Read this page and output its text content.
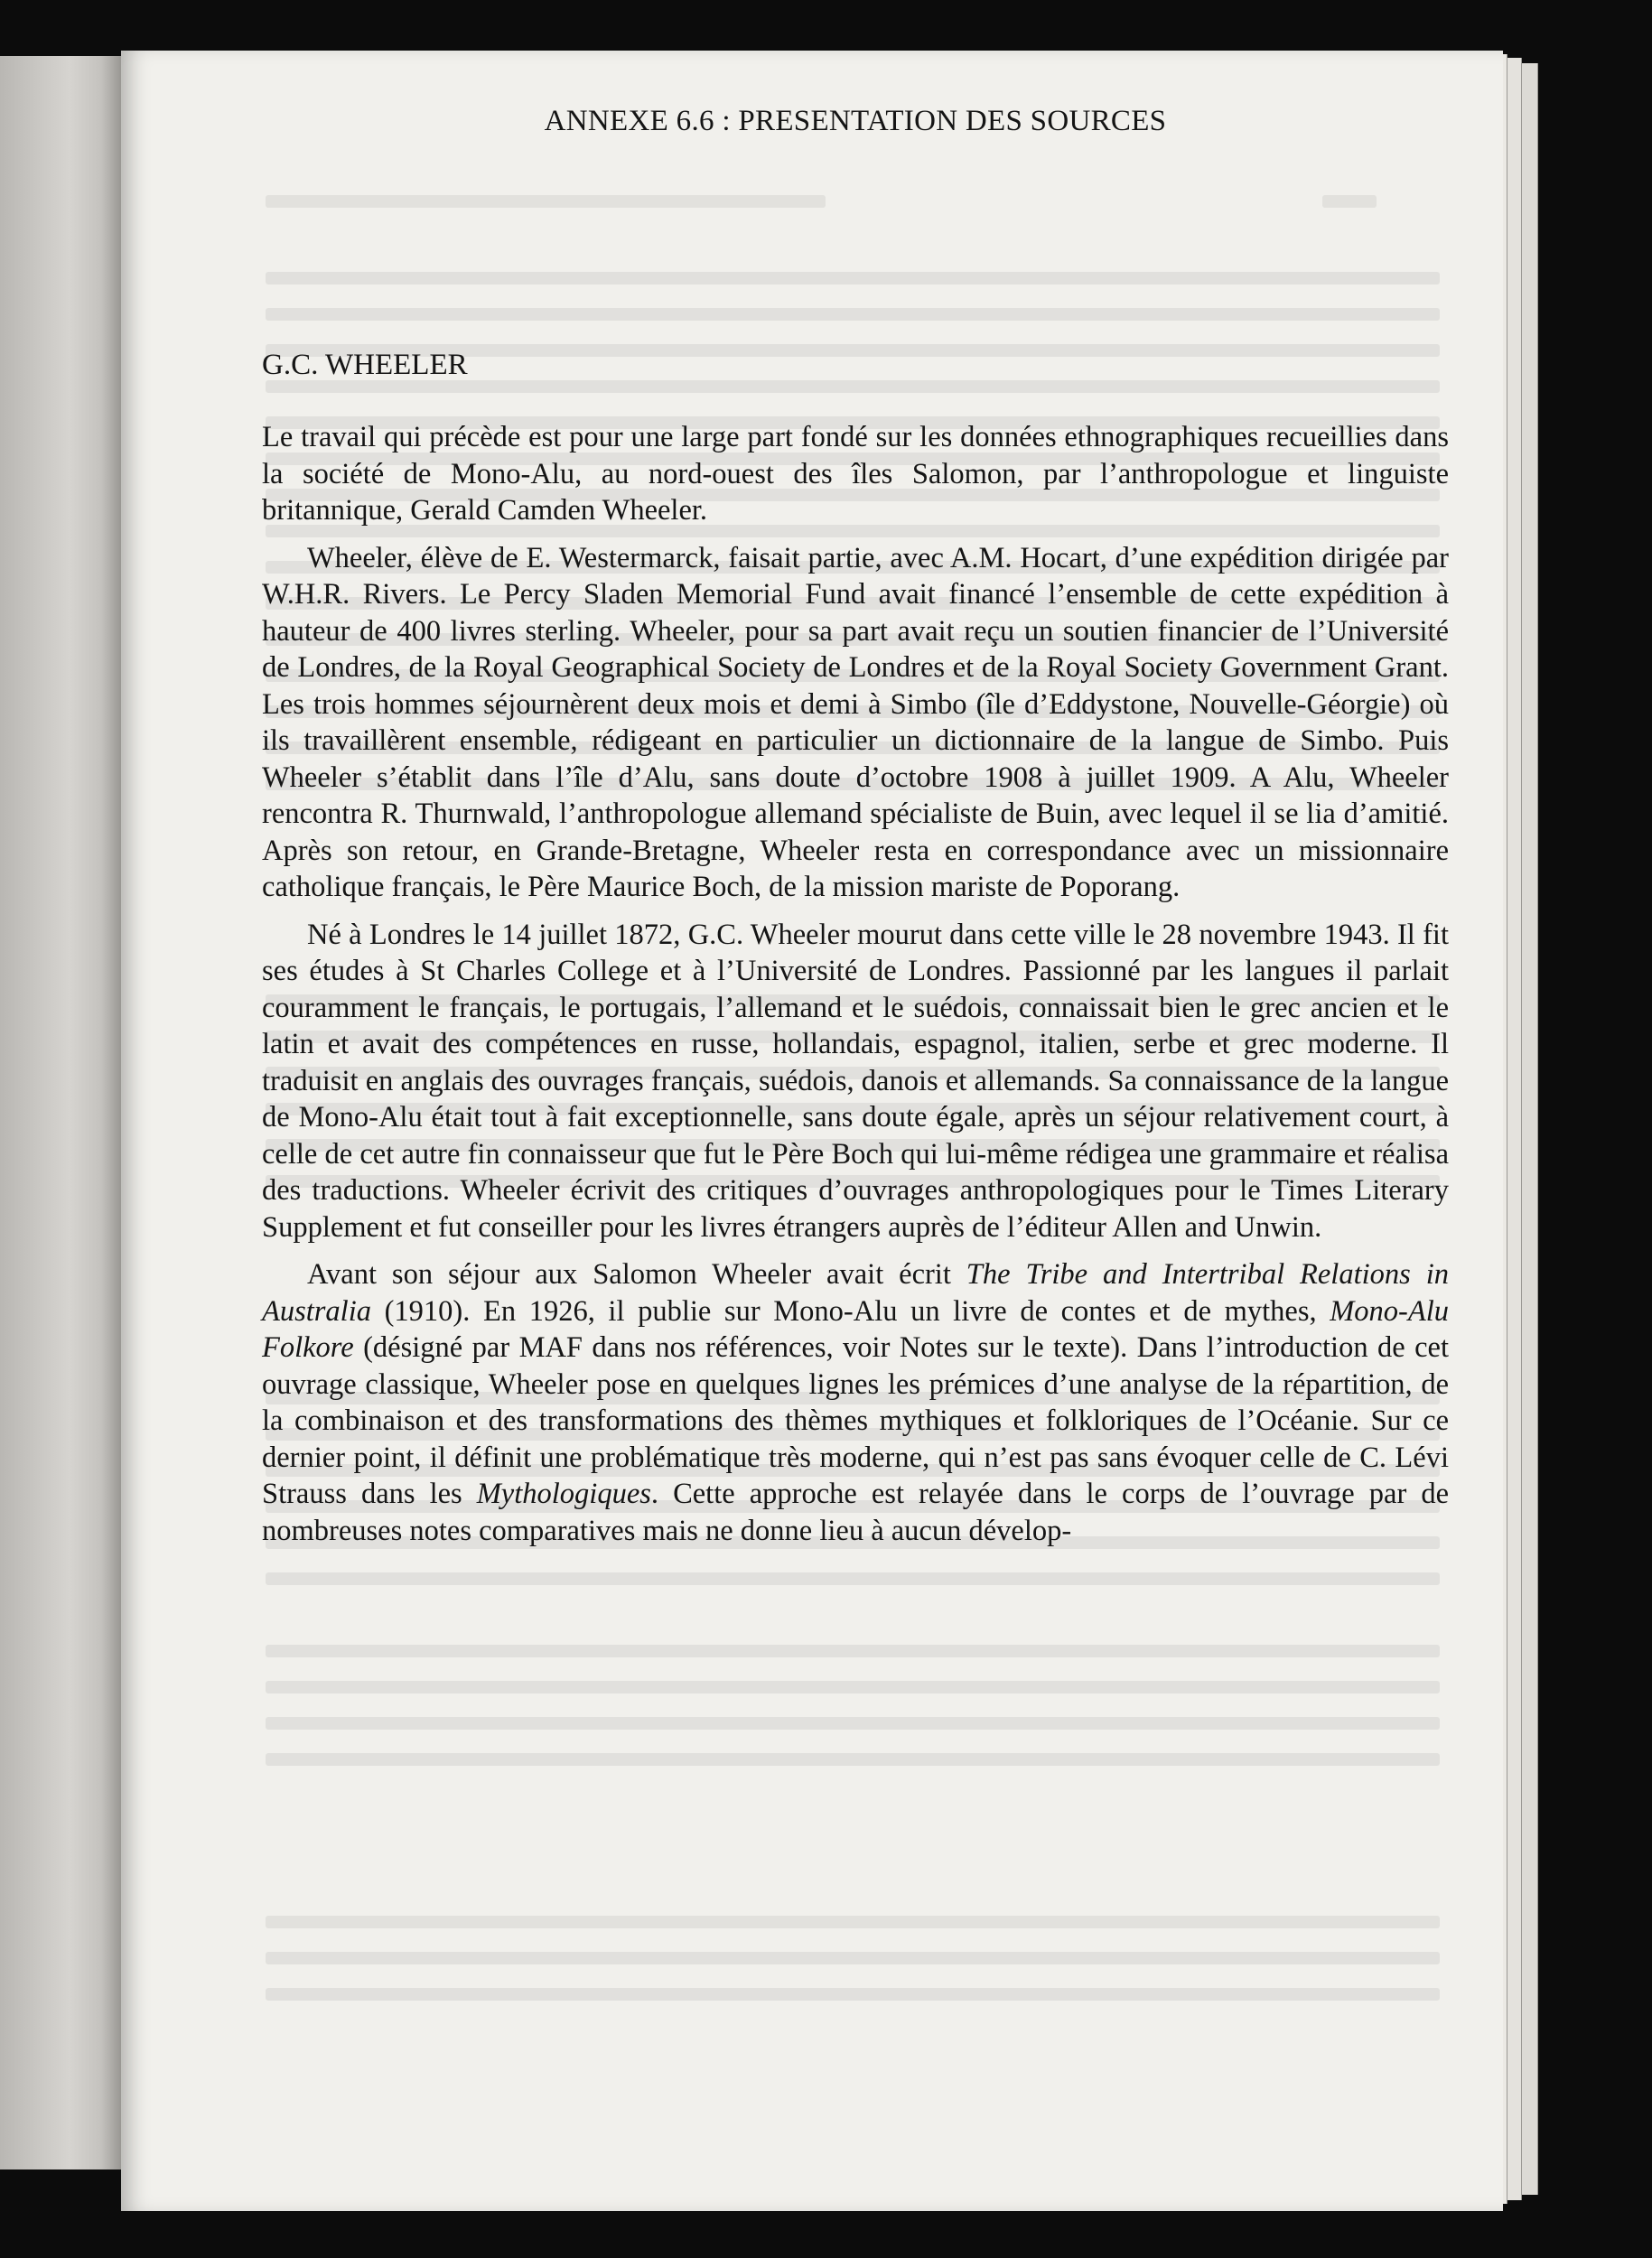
ANNEXE 6.6 : PRESENTATION DES SOURCES
G.C. WHEELER

Le travail qui précède est pour une large part fondé sur les données ethnographiques recueillies dans la société de Mono-Alu, au nord-ouest des îles Salomon, par l’anthropologue et linguiste britannique, Gerald Camden Wheeler.

Wheeler, élève de E. Westermarck, faisait partie, avec A.M. Hocart, d’une expédition dirigée par W.H.R. Rivers. Le Percy Sladen Memorial Fund avait financé l’ensemble de cette expédition à hauteur de 400 livres sterling. Wheeler, pour sa part avait reçu un soutien financier de l’Université de Londres, de la Royal Geographical Society de Londres et de la Royal Society Government Grant. Les trois hommes séjournèrent deux mois et demi à Simbo (île d’Eddystone, Nouvelle-Géorgie) où ils travaillèrent ensemble, rédigeant en particulier un dictionnaire de la langue de Simbo. Puis Wheeler s’établit dans l’île d’Alu, sans doute d’octobre 1908 à juillet 1909. A Alu, Wheeler rencontra R. Thurnwald, l’anthropologue allemand spécialiste de Buin, avec lequel il se lia d’amitié. Après son retour, en Grande-Bretagne, Wheeler resta en correspondance avec un missionnaire catholique français, le Père Maurice Boch, de la mission mariste de Poporang.

Né à Londres le 14 juillet 1872, G.C. Wheeler mourut dans cette ville le 28 novembre 1943. Il fit ses études à St Charles College et à l’Université de Londres. Passionné par les langues il parlait couramment le français, le portugais, l’allemand et le suédois, connaissait bien le grec ancien et le latin et avait des compétences en russe, hollandais, espagnol, italien, serbe et grec moderne. Il traduisit en anglais des ouvrages français, suédois, danois et allemands. Sa connaissance de la langue de Mono-Alu était tout à fait exceptionnelle, sans doute égale, après un séjour relativement court, à celle de cet autre fin connaisseur que fut le Père Boch qui lui-même rédigea une grammaire et réalisa des traductions. Wheeler écrivit des critiques d’ouvrages anthropologiques pour le Times Literary Supplement et fut conseiller pour les livres étrangers auprès de l’éditeur Allen and Unwin.

Avant son séjour aux Salomon Wheeler avait écrit The Tribe and Intertribal Relations in Australia (1910). En 1926, il publie sur Mono-Alu un livre de contes et de mythes, Mono-Alu Folkore (désigné par MAF dans nos références, voir Notes sur le texte). Dans l’introduction de cet ouvrage classique, Wheeler pose en quelques lignes les prémices d’une analyse de la répartition, de la combinaison et des transformations des thèmes mythiques et folkloriques de l’Océanie. Sur ce dernier point, il définit une problématique très moderne, qui n’est pas sans évoquer celle de C. Lévi Strauss dans les Mythologiques. Cette approche est relayée dans le corps de l’ouvrage par de nombreuses notes comparatives mais ne donne lieu à aucun dévelop-
